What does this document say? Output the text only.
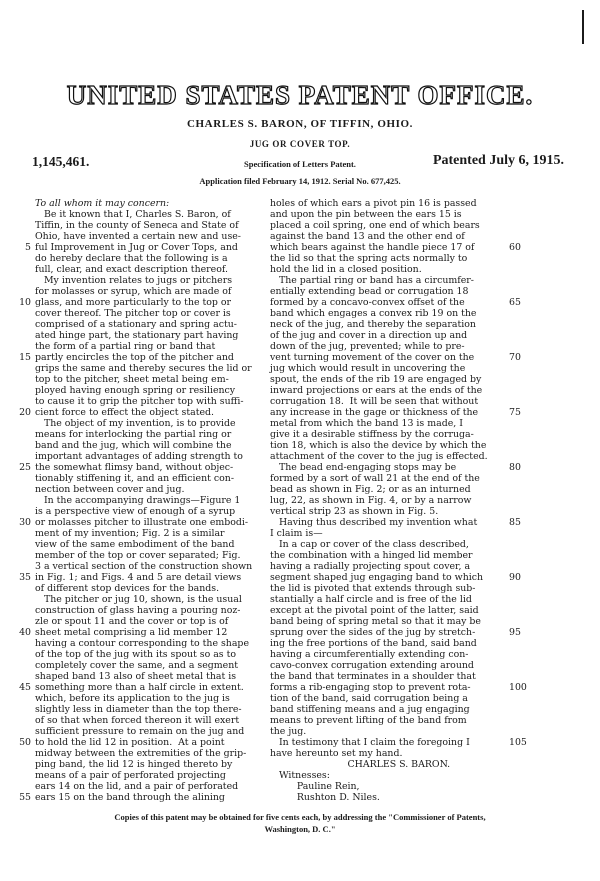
UNITED STATES PATENT OFFICE.

CHARLES S. BARON, OF TIFFIN, OHIO.

JUG OR COVER TOP.

1,145,461.	Specification of Letters Patent.	Patented July 6, 1915.
Application filed February 14, 1912. Serial No. 677,425.
To all whom it may concern:
Be it known that I, Charles S. Baron, of
Tiffin, in the county of Seneca and State of
Ohio, have invented a certain new and use-
ful Improvement in Jug or Cover Tops, and
do hereby declare that the following is a
full, clear, and exact description thereof.
My invention relates to jugs or pitchers
for molasses or syrup, which are made of
glass, and more particularly to the top or
cover thereof. The pitcher top or cover is
comprised of a stationary and spring actu-
ated hinge part, the stationary part having
the form of a partial ring or band that
partly encircles the top of the pitcher and
grips the same and thereby secures the lid or
top to the pitcher, sheet metal being em-
ployed having enough spring or resiliency
to cause it to grip the pitcher top with suffi-
cient force to effect the object stated.
The object of my invention, is to provide
means for interlocking the partial ring or
band and the jug, which will combine the
important advantages of adding strength to
the somewhat flimsy band, without objec-
tionably stiffening it, and an efficient con-
nection between cover and jug.
In the accompanying drawings—Figure 1
is a perspective view of enough of a syrup
or molasses pitcher to illustrate one embodi-
ment of my invention; Fig. 2 is a similar
view of the same embodiment of the band
member of the top or cover separated; Fig.
3 a vertical section of the construction shown
in Fig. 1; and Figs. 4 and 5 are detail views
of different stop devices for the bands.
The pitcher or jug 10, shown, is the usual
construction of glass having a pouring noz-
zle or spout 11 and the cover or top is of
sheet metal comprising a lid member 12
having a contour corresponding to the shape
of the top of the jug with its spout so as to
completely cover the same, and a segment
shaped band 13 also of sheet metal that is
something more than a half circle in extent.
which, before its application to the jug is
slightly less in diameter than the top there-
of so that when forced thereon it will exert
sufficient pressure to remain on the jug and
to hold the lid 12 in position.  At a point
midway between the extremities of the grip-
ping band, the lid 12 is hinged thereto by
means of a pair of perforated projecting
ears 14 on the lid, and a pair of perforated
ears 15 on the band through the alining
holes of which ears a pivot pin 16 is passed
and upon the pin between the ears 15 is
placed a coil spring, one end of which bears
against the band 13 and the other end of
which bears against the handle piece 17 of
the lid so that the spring acts normally to
hold the lid in a closed position.
The partial ring or band has a circumfer-
entially extending bead or corrugation 18
formed by a concavo-convex offset of the
band which engages a convex rib 19 on the
neck of the jug, and thereby the separation
of the jug and cover in a direction up and
down of the jug, prevented; while to pre-
vent turning movement of the cover on the
jug which would result in uncovering the
spout, the ends of the rib 19 are engaged by
inward projections or ears at the ends of the
corrugation 18.  It will be seen that without
any increase in the gage or thickness of the
metal from which the band 13 is made, I
give it a desirable stiffness by the corruga-
tion 18, which is also the device by which the
attachment of the cover to the jug is effected.
The bead end-engaging stops may be
formed by a sort of wall 21 at the end of the
bead as shown in Fig. 2; or as an inturned
lug, 22, as shown in Fig. 4, or by a narrow
vertical strip 23 as shown in Fig. 5.
Having thus described my invention what
I claim is—
In a cap or cover of the class described,
the combination with a hinged lid member
having a radially projecting spout cover, a
segment shaped jug engaging band to which
the lid is pivoted that extends through sub-
stantially a half circle and is free of the lid
except at the pivotal point of the latter, said
band being of spring metal so that it may be
sprung over the sides of the jug by stretch-
ing the free portions of the band, said band
having a circumferentially extending con-
cavo-convex corrugation extending around
the band that terminates in a shoulder that
forms a rib-engaging stop to prevent rota-
tion of the band, said corrugation being a
band stiffening means and a jug engaging
means to prevent lifting of the band from
the jug.
In testimony that I claim the foregoing I
have hereunto set my hand.
CHARLES S. BARON.
Witnesses:
Pauline Rein,
Rushton D. Niles.
5
10
15
20
25
30
35
40
45
50
55
60
65
70
75
80
85
90
95
100
105

Copies of this patent may be obtained for five cents each, by addressing the "Commissioner of Patents,
Washington, D. C."
